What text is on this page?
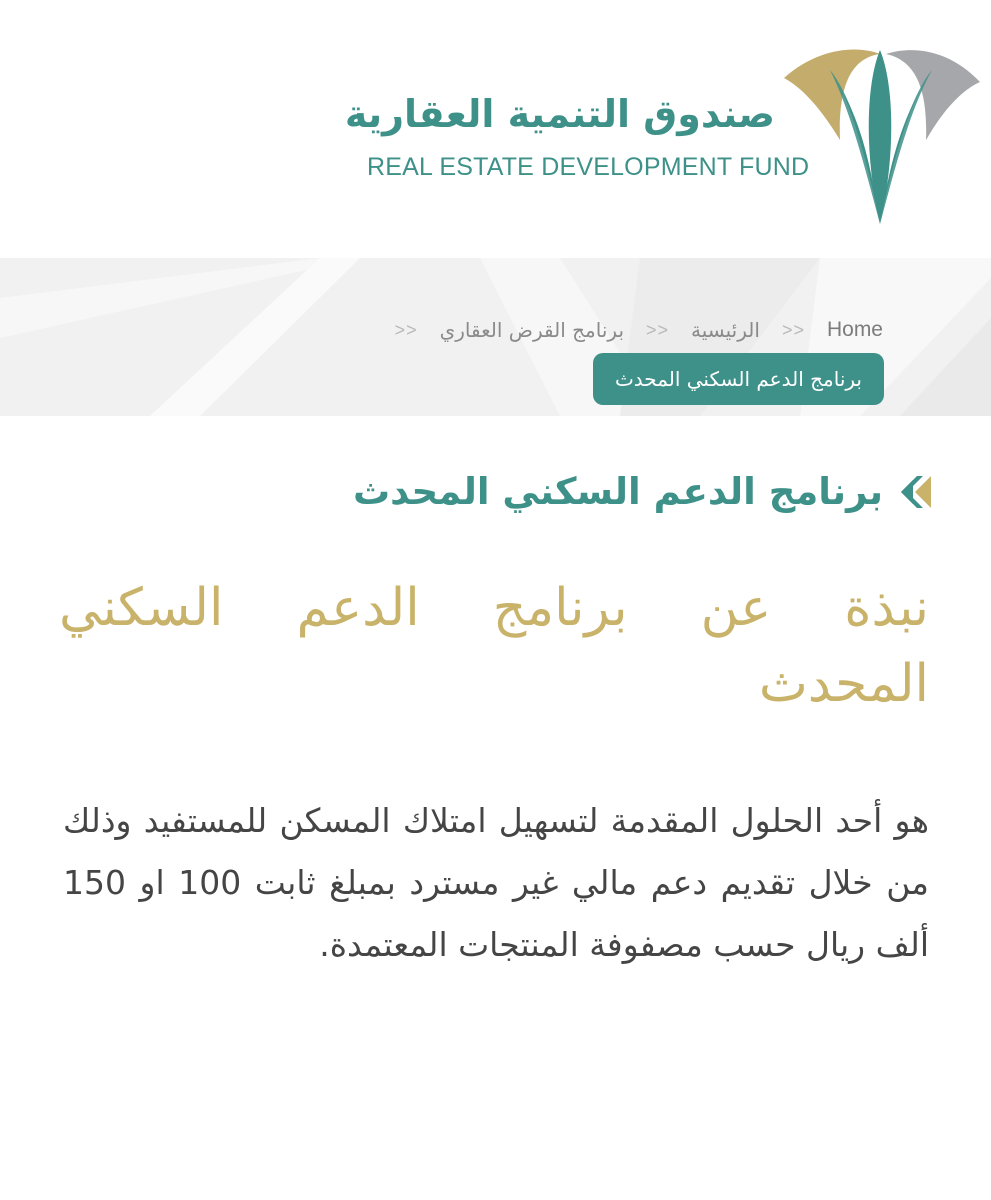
صندوق التنمية العقارية
REAL ESTATE DEVELOPMENT FUND
Home
>>
الرئيسية
>>
برنامج القرض العقاري
>>
برنامج الدعم السكني المحدث
برنامج الدعم السكني المحدث
نبذة عن برنامج الدعم السكني المحدث
هو أحد الحلول المقدمة لتسهيل امتلاك المسكن للمستفيد وذلك من خلال تقديم دعم مالي غير مسترد بمبلغ ثابت 100 او 150 ألف ريال حسب مصفوفة المنتجات المعتمدة.
